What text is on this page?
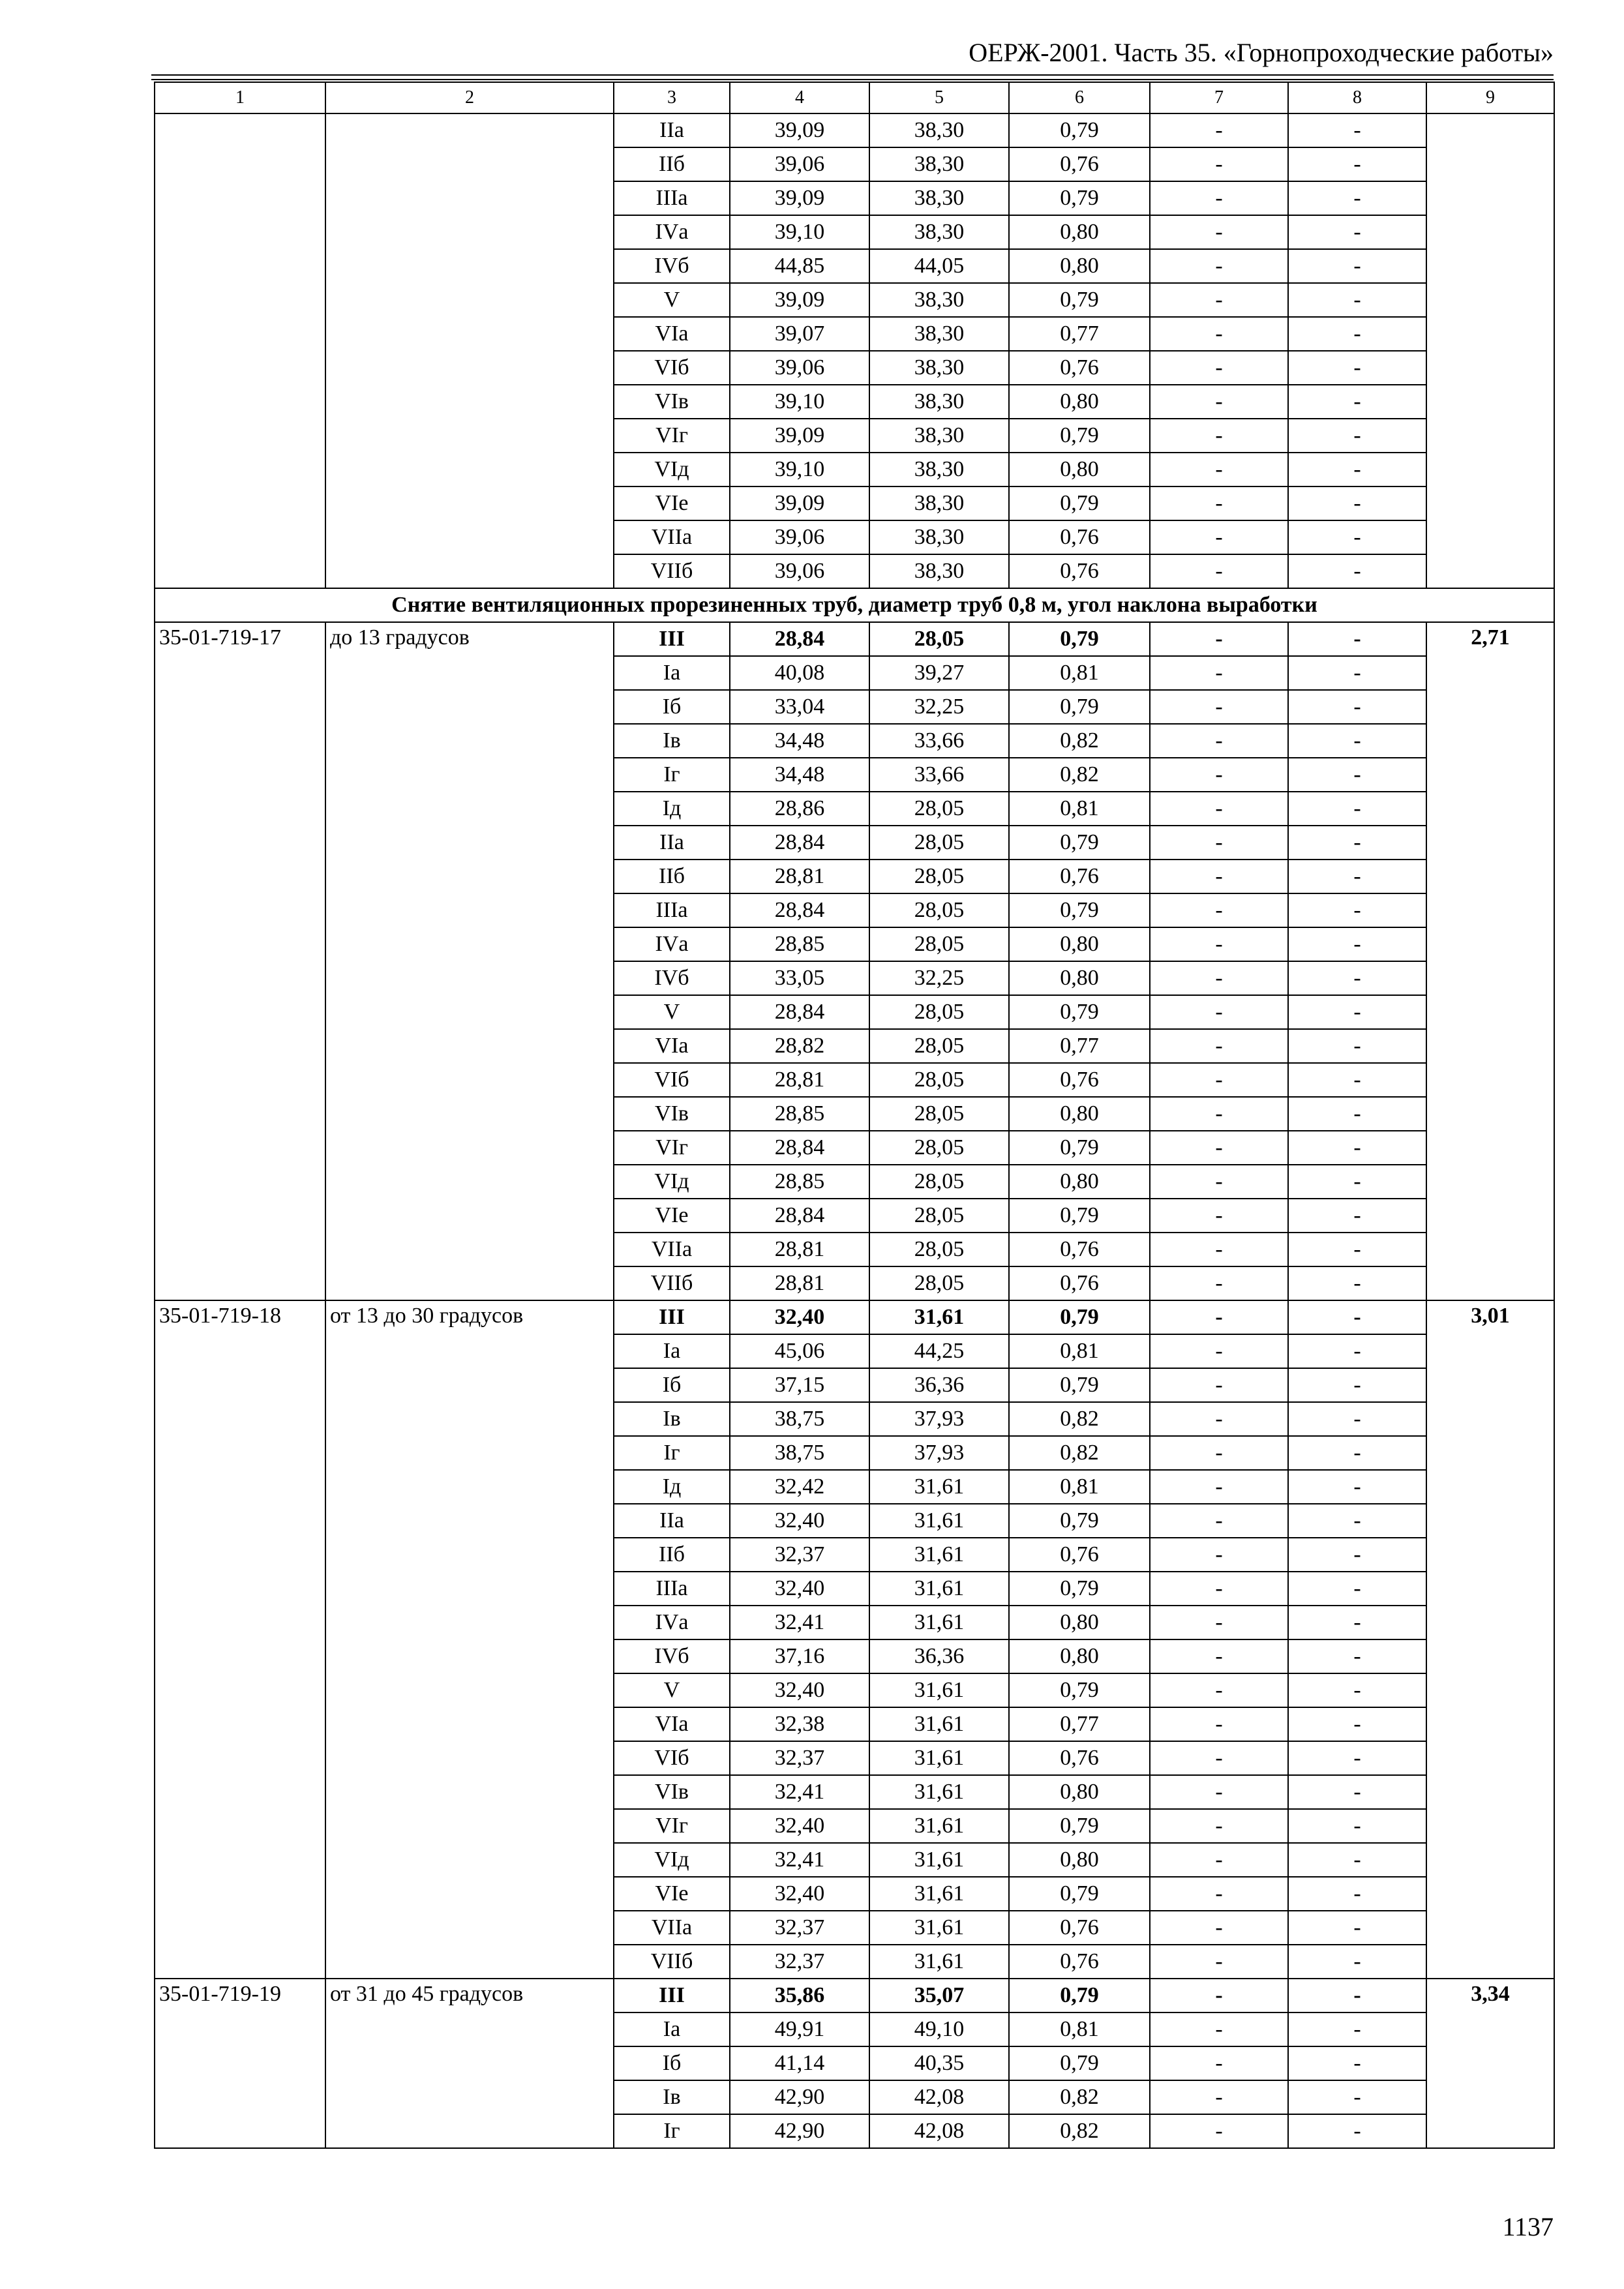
ОЕРЖ-2001. Часть 35. «Горнопроходческие работы»
1	2	3	4	5	6	7	8	9
		IIа	39,09	38,30	0,79	-	-	
		IIб	39,06	38,30	0,76	-	-	
		IIIа	39,09	38,30	0,79	-	-	
		IVа	39,10	38,30	0,80	-	-	
		IVб	44,85	44,05	0,80	-	-	
		V	39,09	38,30	0,79	-	-	
		VIа	39,07	38,30	0,77	-	-	
		VIб	39,06	38,30	0,76	-	-	
		VIв	39,10	38,30	0,80	-	-	
		VIг	39,09	38,30	0,79	-	-	
		VIд	39,10	38,30	0,80	-	-	
		VIе	39,09	38,30	0,79	-	-	
		VIIа	39,06	38,30	0,76	-	-	
		VIIб	39,06	38,30	0,76	-	-	
Снятие вентиляционных прорезиненных труб, диаметр труб 0,8 м, угол наклона выработки								
35-01-719-17	до 13 градусов	III	28,84	28,05	0,79	-	-	2,71
		Iа	40,08	39,27	0,81	-	-	
		Iб	33,04	32,25	0,79	-	-	
		Iв	34,48	33,66	0,82	-	-	
		Iг	34,48	33,66	0,82	-	-	
		Iд	28,86	28,05	0,81	-	-	
		IIа	28,84	28,05	0,79	-	-	
		IIб	28,81	28,05	0,76	-	-	
		IIIа	28,84	28,05	0,79	-	-	
		IVа	28,85	28,05	0,80	-	-	
		IVб	33,05	32,25	0,80	-	-	
		V	28,84	28,05	0,79	-	-	
		VIа	28,82	28,05	0,77	-	-	
		VIб	28,81	28,05	0,76	-	-	
		VIв	28,85	28,05	0,80	-	-	
		VIг	28,84	28,05	0,79	-	-	
		VIд	28,85	28,05	0,80	-	-	
		VIе	28,84	28,05	0,79	-	-	
		VIIа	28,81	28,05	0,76	-	-	
		VIIб	28,81	28,05	0,76	-	-	
35-01-719-18	от 13 до 30 градусов	III	32,40	31,61	0,79	-	-	3,01
		Iа	45,06	44,25	0,81	-	-	
		Iб	37,15	36,36	0,79	-	-	
		Iв	38,75	37,93	0,82	-	-	
		Iг	38,75	37,93	0,82	-	-	
		Iд	32,42	31,61	0,81	-	-	
		IIа	32,40	31,61	0,79	-	-	
		IIб	32,37	31,61	0,76	-	-	
		IIIа	32,40	31,61	0,79	-	-	
		IVа	32,41	31,61	0,80	-	-	
		IVб	37,16	36,36	0,80	-	-	
		V	32,40	31,61	0,79	-	-	
		VIа	32,38	31,61	0,77	-	-	
		VIб	32,37	31,61	0,76	-	-	
		VIв	32,41	31,61	0,80	-	-	
		VIг	32,40	31,61	0,79	-	-	
		VIд	32,41	31,61	0,80	-	-	
		VIе	32,40	31,61	0,79	-	-	
		VIIа	32,37	31,61	0,76	-	-	
		VIIб	32,37	31,61	0,76	-	-	
35-01-719-19	от 31 до 45 градусов	III	35,86	35,07	0,79	-	-	3,34
		Iа	49,91	49,10	0,81	-	-	
		Iб	41,14	40,35	0,79	-	-	
		Iв	42,90	42,08	0,82	-	-	
		Iг	42,90	42,08	0,82	-	-	
1137
